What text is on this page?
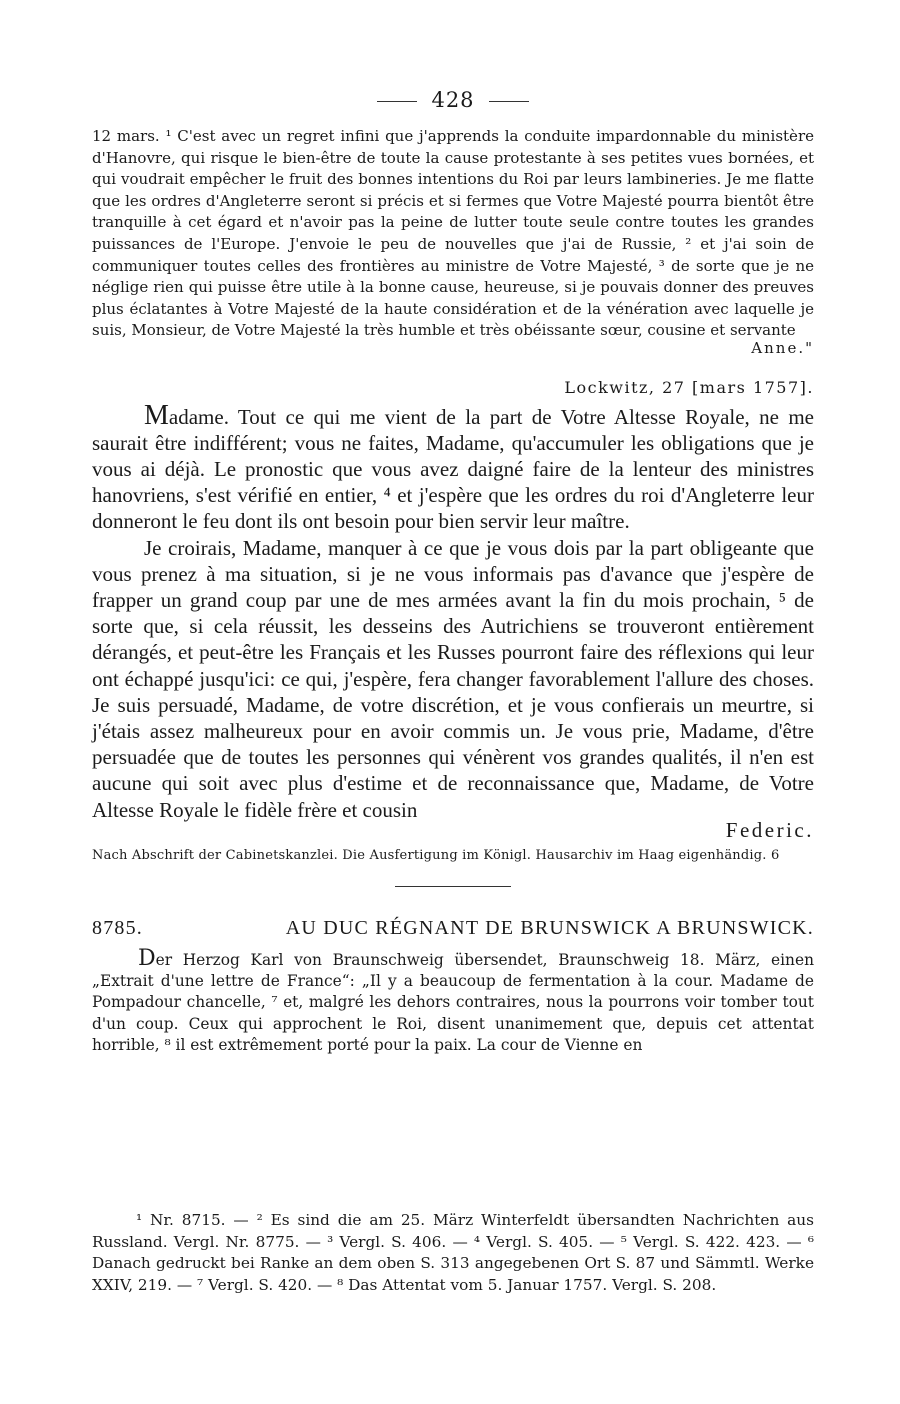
428
12 mars. ¹ C'est avec un regret infini que j'apprends la conduite impardonnable du ministère d'Hanovre, qui risque le bien-être de toute la cause protestante à ses petites vues bornées, et qui voudrait empêcher le fruit des bonnes intentions du Roi par leurs lambineries. Je me flatte que les ordres d'Angleterre seront si précis et si fermes que Votre Majesté pourra bientôt être tranquille à cet égard et n'avoir pas la peine de lutter toute seule contre toutes les grandes puissances de l'Europe. J'envoie le peu de nouvelles que j'ai de Russie, ² et j'ai soin de communiquer toutes celles des frontières au ministre de Votre Majesté, ³ de sorte que je ne néglige rien qui puisse être utile à la bonne cause, heureuse, si je pouvais donner des preuves plus éclatantes à Votre Majesté de la haute considération et de la vénération avec laquelle je suis, Monsieur, de Votre Majesté la très humble et très obéissante sœur, cousine et servante
Anne."
Lockwitz, 27 [mars 1757].

Madame. Tout ce qui me vient de la part de Votre Altesse Royale, ne me saurait être indifférent; vous ne faites, Madame, qu'accumuler les obligations que je vous ai déjà. Le pronostic que vous avez daigné faire de la lenteur des ministres hanovriens, s'est vérifié en entier, ⁴ et j'espère que les ordres du roi d'Angleterre leur donneront le feu dont ils ont besoin pour bien servir leur maître.

Je croirais, Madame, manquer à ce que je vous dois par la part obligeante que vous prenez à ma situation, si je ne vous informais pas d'avance que j'espère de frapper un grand coup par une de mes armées avant la fin du mois prochain, ⁵ de sorte que, si cela réussit, les desseins des Autrichiens se trouveront entièrement dérangés, et peut-être les Français et les Russes pourront faire des réflexions qui leur ont échappé jusqu'ici: ce qui, j'espère, fera changer favorablement l'allure des choses. Je suis persuadé, Madame, de votre discrétion, et je vous confierais un meurtre, si j'étais assez malheureux pour en avoir commis un. Je vous prie, Madame, d'être persuadée que de toutes les personnes qui vénèrent vos grandes qualités, il n'en est aucune qui soit avec plus d'estime et de reconnaissance que, Madame, de Votre Altesse Royale le fidèle frère et cousin

Federic.
Nach Abschrift der Cabinetskanzlei. Die Ausfertigung im Königl. Hausarchiv im Haag eigenhändig. 6
8785.	AU DUC RÉGNANT DE BRUNSWICK A BRUNSWICK.
Der Herzog Karl von Braunschweig übersendet, Braunschweig 18. März, einen „Extrait d'une lettre de France“: „Il y a beaucoup de fermentation à la cour. Madame de Pompadour chancelle, ⁷ et, malgré les dehors contraires, nous la pourrons voir tomber tout d'un coup. Ceux qui approchent le Roi, disent unanimement que, depuis cet attentat horrible, ⁸ il est extrêmement porté pour la paix. La cour de Vienne en
¹ Nr. 8715. — ² Es sind die am 25. März Winterfeldt übersandten Nachrichten aus Russland. Vergl. Nr. 8775. — ³ Vergl. S. 406. — ⁴ Vergl. S. 405. — ⁵ Vergl. S. 422. 423. — ⁶ Danach gedruckt bei Ranke an dem oben S. 313 angegebenen Ort S. 87 und Sämmtl. Werke XXIV, 219. — ⁷ Vergl. S. 420. — ⁸ Das Attentat vom 5. Januar 1757. Vergl. S. 208.
